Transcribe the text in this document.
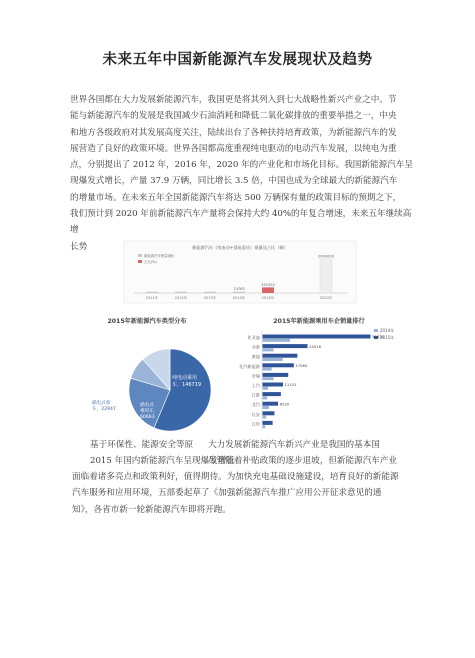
未来五年中国新能源汽车发展现状及趋势
世界各国都在大力发展新能源汽车，我国更是将其列入到七大战略性新兴产业之中。节
能与新能源汽车的发展是我国减少石油消耗和降低二氧化碳排放的重要举措之一，中央
和地方各级政府对其发展高度关注，陆续出台了各种扶持培育政策，为新能源汽车的发
展营造了良好的政策环境。世界各国都高度重视纯电驱动的电动汽车发展，以纯电为重
点，分别提出了 2012 年，2016 年，2020 年的产业化和市场化目标。我国新能源汽车呈
现爆发式增长，产量 37.9 万辆，同比增长 3.5 倍，中国也成为全球最大的新能源汽车
的增量市场。在未来五年全国新能源汽车将达 500 万辆保有量的政策目标的预期之下，
我们预计到 2020 年前新能源汽车产量将会保持大约 40%的年复合增速，未来五年继续高
增
长势	新能源汽车（纯电动+插电混动）销量及占比（辆）
新能源汽车销量(辆)
占比(%)
2011年	2012年	2013年
74763
2014年
331092
2015年
2000000
2020年
2015年新能源汽车类型分布
纯电动乘用
车，146719
插电式
乘用车，
60663
插电式客
车，22947
2015年新能源乘用车企销量排行
2014年
2015年
比亚迪	58834
众泰	24516
康迪
北汽新能源	17060
奇瑞
上汽	11151
江淮
北汽	8520
长安
江铃
基于环保性、能源安全等原
2015 年国内新能源汽车呈现爆发增长
大力发展新能源汽车新兴产业是我国的基本国
尽管随着补贴政策的逐步退坡，但新能源汽车产业
面临着诸多亮点和政策利好，值得期待。为加快充电基础设施建设，培育良好的新能源
汽车服务和应用环境，五部委起草了《加强新能源汽车推广应用公开征求意见的通
知》，各省市新一轮新能源汽车即将开跑。
